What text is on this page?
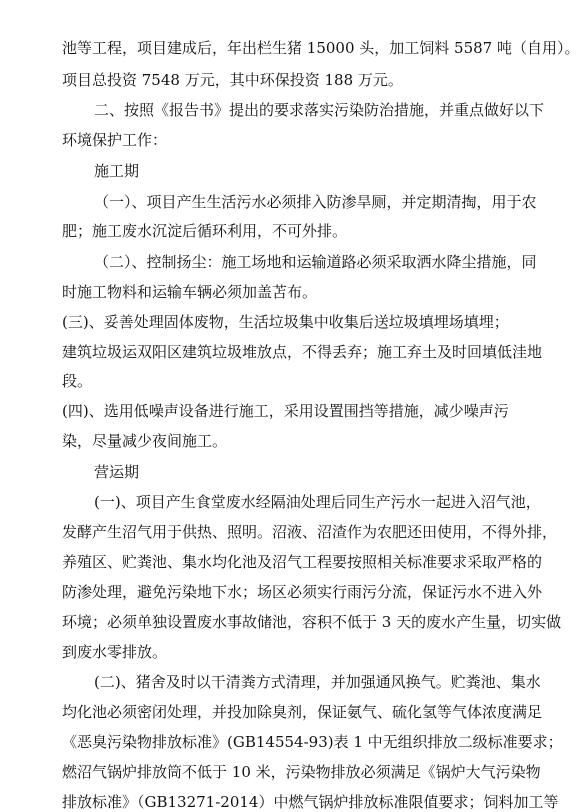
池等工程，项目建成后，年出栏生猪 15000 头，加工饲料 5587 吨（自用）。
项目总投资 7548 万元，其中环保投资 188 万元。
二、按照《报告书》提出的要求落实污染防治措施，并重点做好以下
环境保护工作：
施工期
（一）、项目产生生活污水必须排入防渗旱厕，并定期清掏，用于农
肥；施工废水沉淀后循环利用，不可外排。
（二）、控制扬尘：施工场地和运输道路必须采取洒水降尘措施，同
时施工物料和运输车辆必须加盖苫布。
(三)、妥善处理固体废物，生活垃圾集中收集后送垃圾填埋场填埋；
建筑垃圾运双阳区建筑垃圾堆放点，不得丢弃；施工弃土及时回填低洼地
段。
(四)、选用低噪声设备进行施工，采用设置围挡等措施，减少噪声污
染，尽量减少夜间施工。
营运期
(一)、项目产生食堂废水经隔油处理后同生产污水一起进入沼气池，
发酵产生沼气用于供热、照明。沼液、沼渣作为农肥还田使用，不得外排，
养殖区、贮粪池、集水均化池及沼气工程要按照相关标准要求采取严格的
防渗处理，避免污染地下水；场区必须实行雨污分流，保证污水不进入外
环境；必须单独设置废水事故储池，容积不低于 3 天的废水产生量，切实做
到废水零排放。
(二)、猪舍及时以干清粪方式清理，并加强通风换气。贮粪池、集水
均化池必须密闭处理，并投加除臭剂，保证氨气、硫化氢等气体浓度满足
《恶臭污染物排放标准》(GB14554-93)表 1 中无组织排放二级标准要求；
燃沼气锅炉排放筒不低于 10 米，污染物排放必须满足《锅炉大气污染物
排放标准》（GB13271-2014）中燃气锅炉排放标准限值要求；饲料加工等
